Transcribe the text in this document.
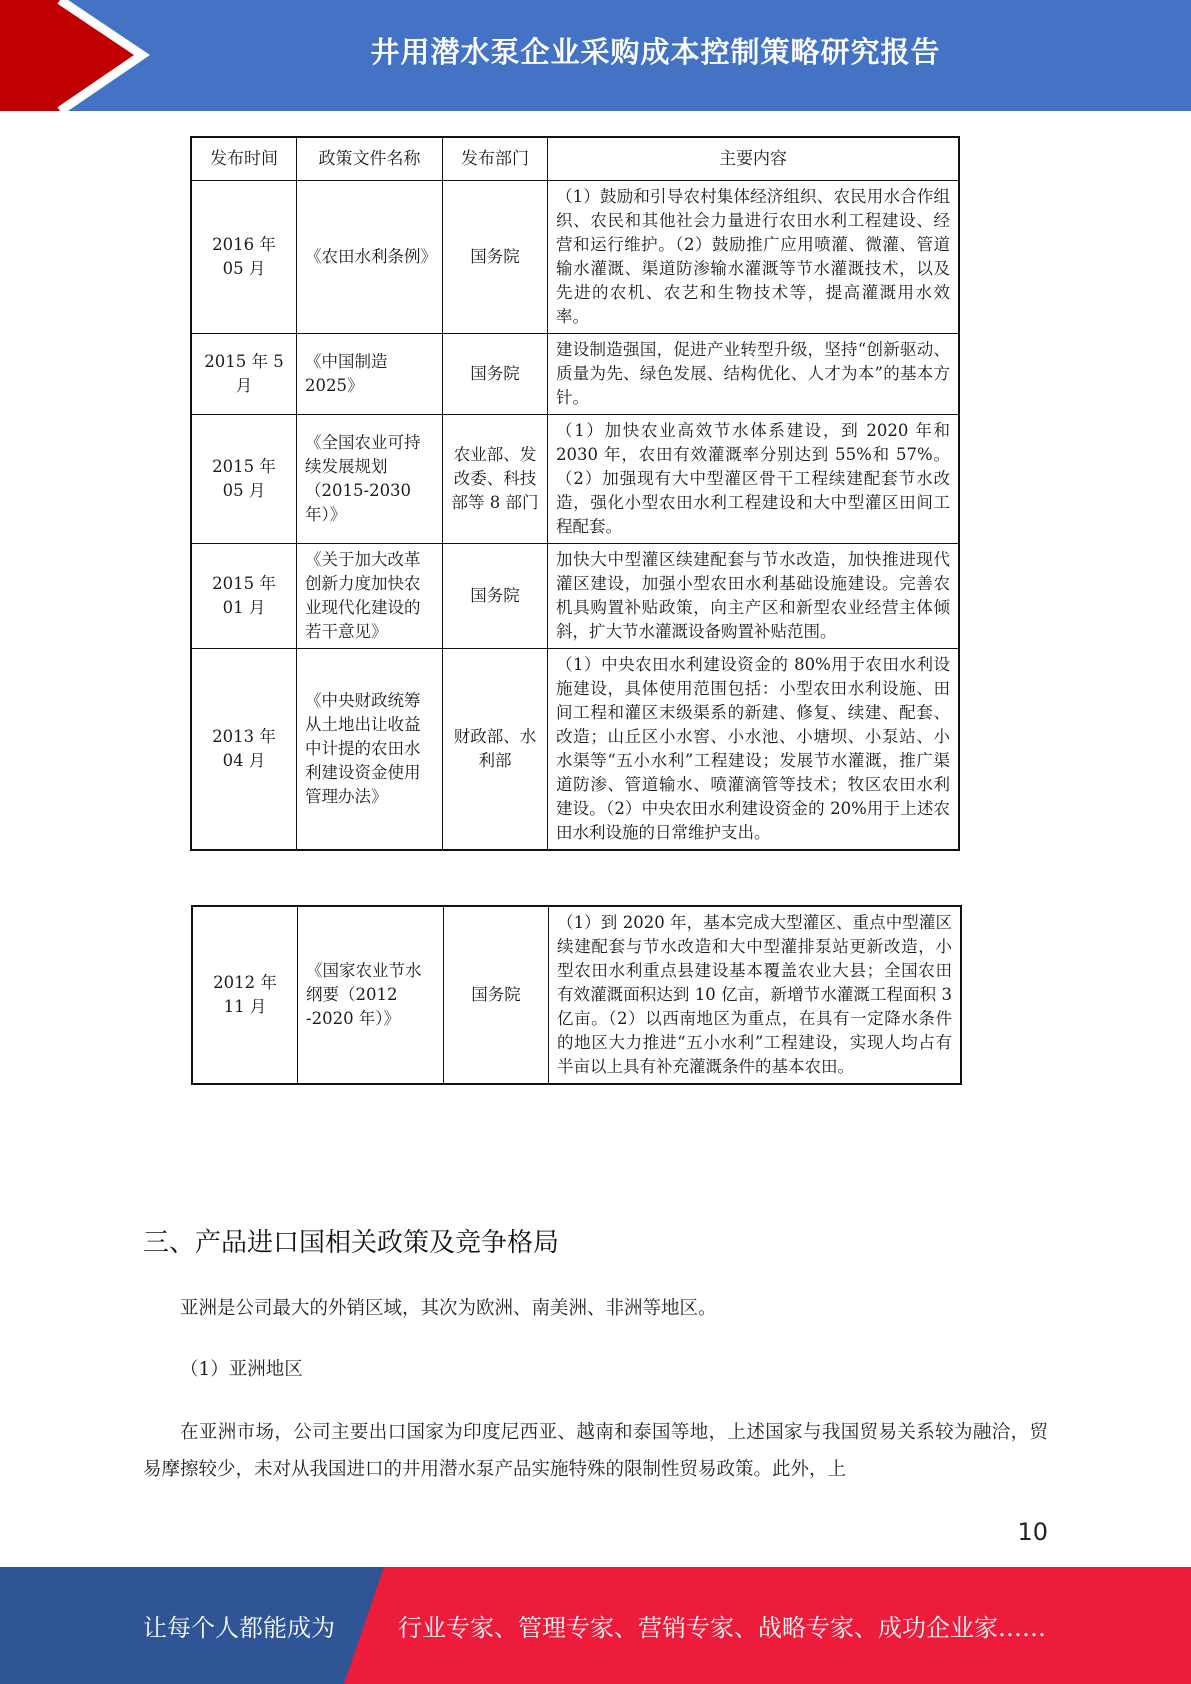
井用潜水泵企业采购成本控制策略研究报告
发布时间	政策文件名称	发布部门	主要内容
2016 年 05 月	《农田水利条例》	国务院	（1）鼓励和引导农村集体经济组织、农民用水合作组织、农民和其他社会力量进行农田水利工程建设、经营和运行维护。（2）鼓励推广应用喷灌、微灌、管道输水灌溉、渠道防渗输水灌溉等节水灌溉技术，以及先进的农机、农艺和生物技术等，提高灌溉用水效率。
2015 年 5 月	《中国制造 2025》	国务院	建设制造强国，促进产业转型升级，坚持“创新驱动、质量为先、绿色发展、结构优化、人才为本”的基本方针。
2015 年 05 月	《全国农业可持续发展规划（2015-2030 年）》	农业部、发改委、科技部等 8 部门	（1）加快农业高效节水体系建设，到 2020 年和 2030 年，农田有效灌溉率分别达到 55%和 57%。（2）加强现有大中型灌区骨干工程续建配套节水改造，强化小型农田水利工程建设和大中型灌区田间工程配套。
2015 年 01 月	《关于加大改革创新力度加快农业现代化建设的若干意见》	国务院	加快大中型灌区续建配套与节水改造，加快推进现代灌区建设，加强小型农田水利基础设施建设。完善农机具购置补贴政策，向主产区和新型农业经营主体倾斜，扩大节水灌溉设备购置补贴范围。
2013 年 04 月	《中央财政统筹从土地出让收益中计提的农田水利建设资金使用管理办法》	财政部、水利部	（1）中央农田水利建设资金的 80%用于农田水利设施建设，具体使用范围包括：小型农田水利设施、田间工程和灌区末级渠系的新建、修复、续建、配套、改造；山丘区小水窖、小水池、小塘坝、小泵站、小水渠等“五小水利”工程建设；发展节水灌溉，推广渠道防渗、管道输水、喷灌滴管等技术；牧区农田水利建设。（2）中央农田水利建设资金的 20%用于上述农田水利设施的日常维护支出。
2012 年 11 月	《国家农业节水纲要（2012 -2020 年）》	国务院	（1）到 2020 年，基本完成大型灌区、重点中型灌区续建配套与节水改造和大中型灌排泵站更新改造，小型农田水利重点县建设基本覆盖农业大县；全国农田有效灌溉面积达到 10 亿亩，新增节水灌溉工程面积 3 亿亩。（2）以西南地区为重点，在具有一定降水条件的地区大力推进“五小水利”工程建设，实现人均占有半亩以上具有补充灌溉条件的基本农田。
三、产品进口国相关政策及竞争格局
亚洲是公司最大的外销区域，其次为欧洲、南美洲、非洲等地区。
（1）亚洲地区
在亚洲市场，公司主要出口国家为印度尼西亚、越南和泰国等地，上述国家与我国贸易关系较为融洽，贸易摩擦较少，未对从我国进口的井用潜水泵产品实施特殊的限制性贸易政策。此外，上
10
让每个人都能成为	行业专家、管理专家、营销专家、战略专家、成功企业家……
